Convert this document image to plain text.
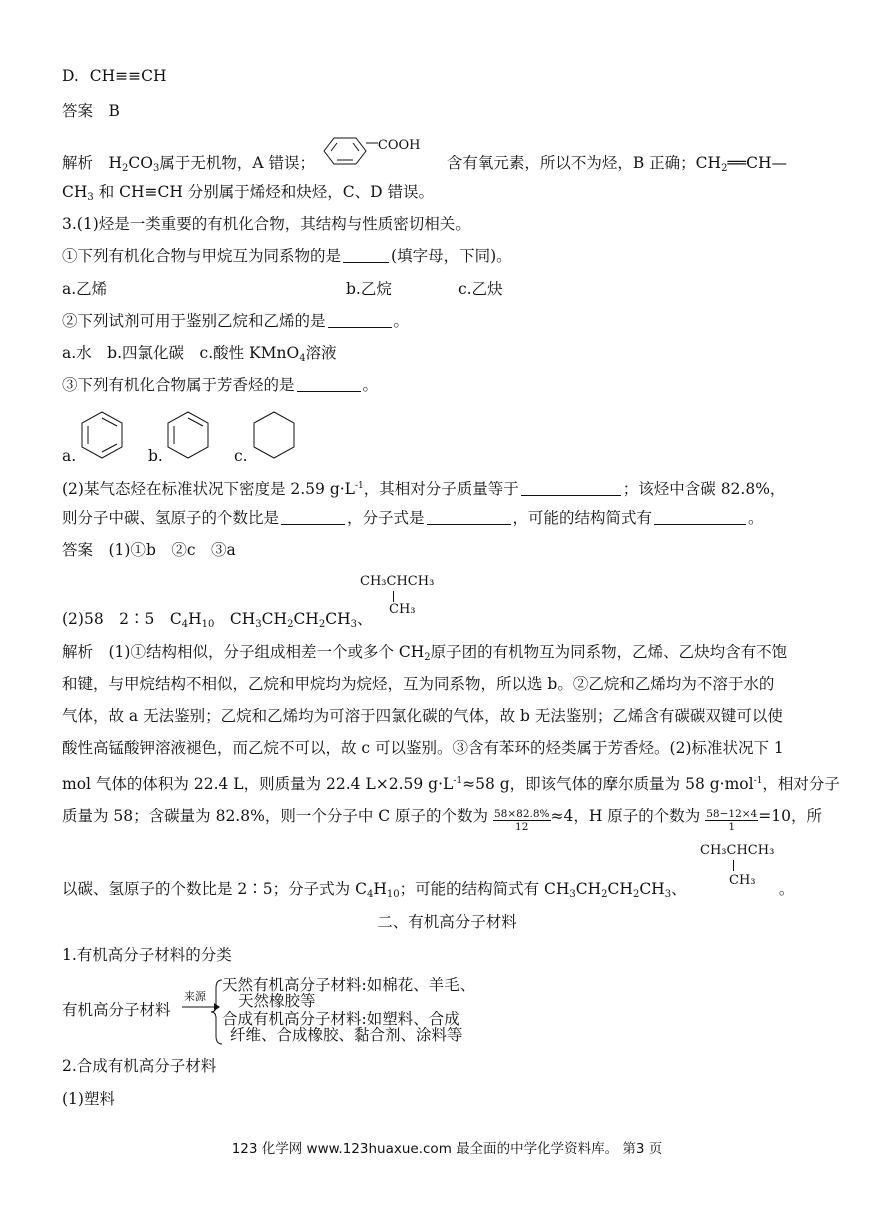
D. CH≡≡CH
答案　B
解析　$H_2CO_3$属于无机物，A 错误；
COOH
含有氧元素，所以不为烃，B 正确；$CH_2══CH—$
$CH_3$ 和 CH≡CH 分别属于烯烃和炔烃，C、D 错误。
3.(1)烃是一类重要的有机化合物，其结构与性质密切相关。
①下列有机化合物与甲烷互为同系物的是	(填字母，下同)。
a.乙烯	b.乙烷	c.乙炔
②下列试剂可用于鉴别乙烷和乙烯的是	。
a.水　b.四氯化碳　c.酸性 KMnO$_4$溶液
③下列有机化合物属于芳香烃的是	。
a.	b.	c.
(2)某气态烃在标准状况下密度是 2.59 $g\cdot L^{-1}$，其相对分子质量等于	；该烃中含碳 82.8%，
则分子中碳、氢原子的个数比是	，分子式是	，可能的结构简式有	。
答案　(1)①b　②c　③a
CH₃CHCH₃
CH₃
(2)58　2∶5　$C_4H_{10}$　$CH_3CH_2CH_2CH_3$、
解析　(1)①结构相似，分子组成相差一个或多个 $CH_2$原子团的有机物互为同系物，乙烯、乙炔均含有不饱
和键，与甲烷结构不相似，乙烷和甲烷均为烷烃，互为同系物，所以选 b。②乙烷和乙烯均为不溶于水的
气体，故 a 无法鉴别；乙烷和乙烯均为可溶于四氯化碳的气体，故 b 无法鉴别；乙烯含有碳碳双键可以使
酸性高锰酸钾溶液褪色，而乙烷不可以，故 c 可以鉴别。③含有苯环的烃类属于芳香烃。(2)标准状况下 1
mol 气体的体积为 22.4 L，则质量为 22.4 L×2.59 $g\cdot L^{-1}\approx 58$ g，即该气体的摩尔质量为 58 g·mol$^{-1}$，相对分子
质量为 58；含碳量为 82.8%，则一个分子中 C 原子的个数为 $\frac{58\times 82.8\%}{12} \approx 4$，H 原子的个数为 $\frac{58-12\times 4}{1} =10$，所
CH₃CHCH₃
CH₃
以碳、氢原子的个数比是 2∶5；分子式为 $C_4H_{10}$；可能的结构简式有 $CH_3CH_2CH_2CH_3$、	。
二、有机高分子材料
1.有机高分子材料的分类
有机高分子材料
来源
天然有机高分子材料:如棉花、羊毛、
天然橡胶等
合成有机高分子材料:如塑料、合成
纤维、合成橡胶、黏合剂、涂料等
2.合成有机高分子材料
(1)塑料
123 化学网 www.123huaxue.com 最全面的中学化学资料库。 第3 页
